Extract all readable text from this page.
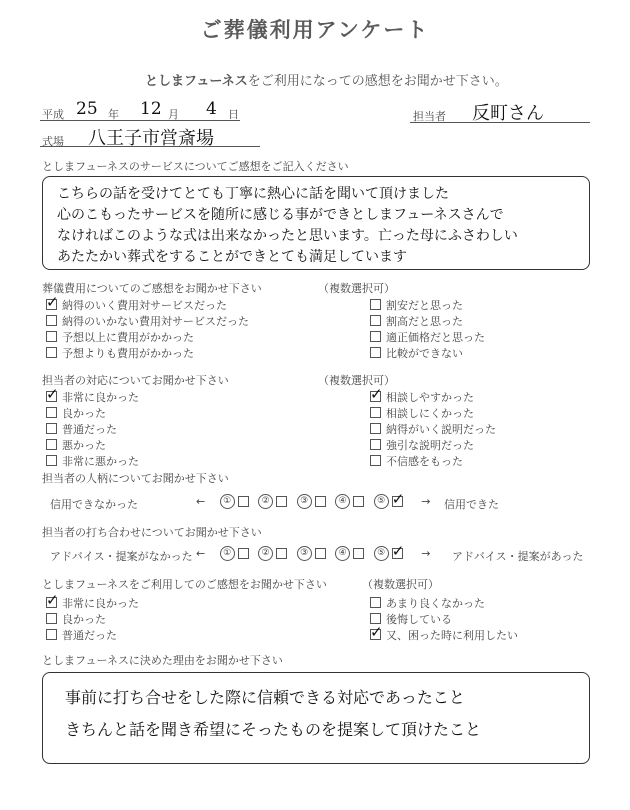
ご葬儀利用アンケート
としまフューネスをご利用になっての感想をお聞かせ下さい。
平成 25 年 12 月 4 日	担当者 反町さん
式場 八王子市営斎場
としまフューネスのサービスについてご感想をご記入ください
こちらの話を受けてとても丁寧に熱心に話を聞いて頂けました
心のこもったサービスを随所に感じる事ができとしまフューネスさんで
なければこのような式は出来なかったと思います。亡った母にふさわしい
あたたかい葬式をすることができとても満足しています
葬儀費用についてのご感想をお聞かせ下さい	（複数選択可）
✓納得のいく費用対サービスだった
納得のいかない費用対サービスだった
予想以上に費用がかかった
予想よりも費用がかかった
割安だと思った
割高だと思った
適正価格だと思った
比較ができない
担当者の対応についてお聞かせ下さい	（複数選択可）
✓非常に良かった
良かった
普通だった
悪かった
非常に悪かった
✓相談しやすかった
相談しにくかった
納得がいく説明だった
強引な説明だった
不信感をもった
担当者の人柄についてお聞かせ下さい
信用できなかった	← ①	②	③	④	⑤ ✓	→	信用できた
担当者の打ち合わせについてお聞かせ下さい
アドバイス・提案がなかった ← ①	②	③	④	⑤ ✓	→	アドバイス・提案があった
としまフューネスをご利用してのご感想をお聞かせ下さい	（複数選択可）
✓非常に良かった
良かった
普通だった
あまり良くなかった
後悔している
✓又、困った時に利用したい
としまフューネスに決めた理由をお聞かせ下さい
事前に打ち合せをした際に信頼できる対応であったこと
きちんと話を聞き希望にそったものを提案して頂けたこと
